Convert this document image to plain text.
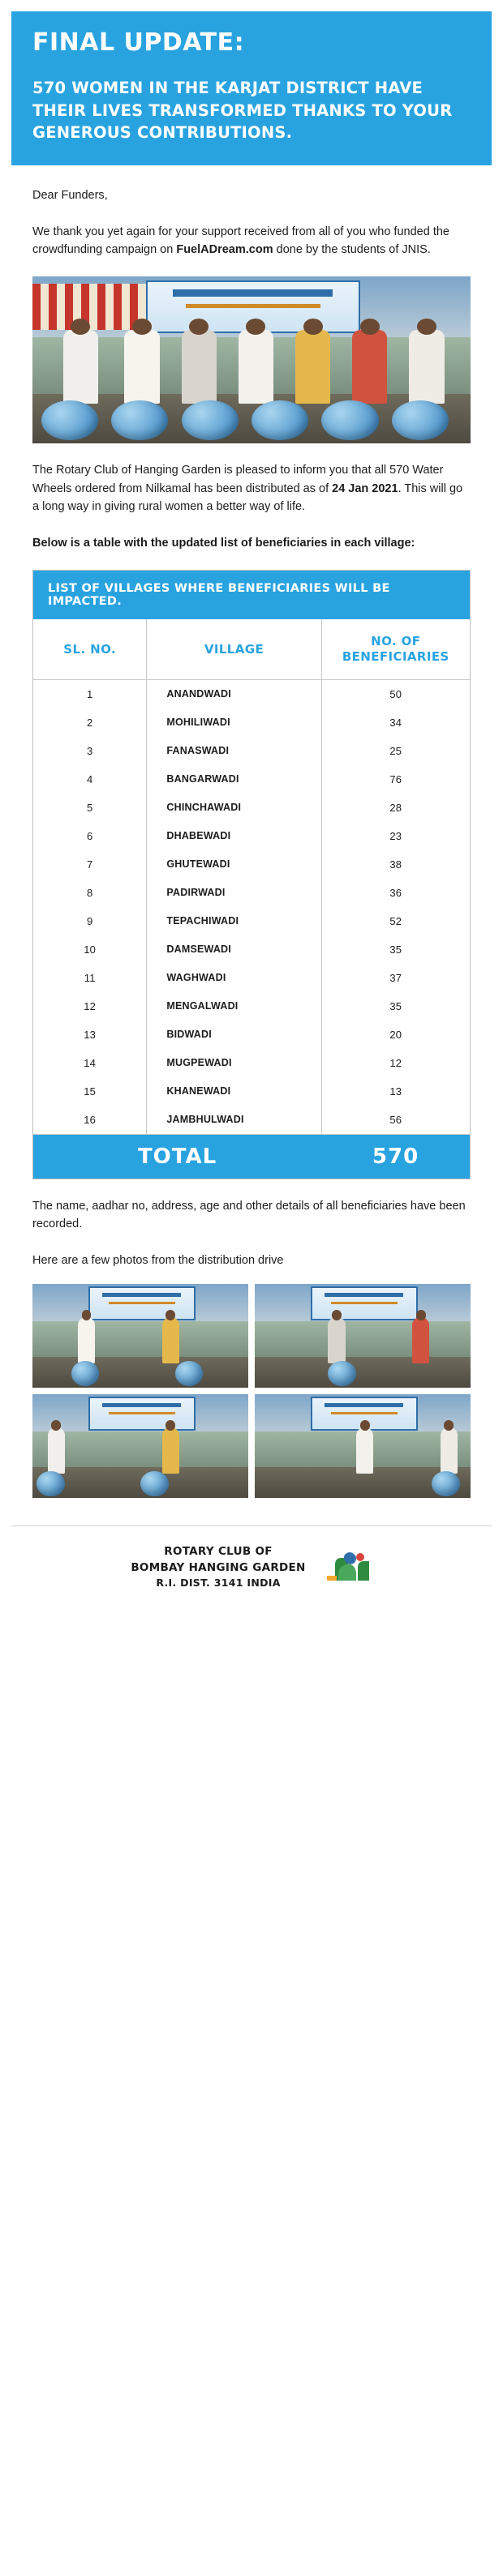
FINAL UPDATE:
570 WOMEN IN THE KARJAT DISTRICT HAVE THEIR LIVES TRANSFORMED THANKS TO YOUR GENEROUS CONTRIBUTIONS.

Dear Funders,

We thank you yet again for your support received from all of you who funded the crowdfunding campaign on FuelADream.com done by the students of JNIS.

The Rotary Club of Hanging Garden is pleased to inform you that all 570 Water Wheels ordered from Nilkamal has been distributed as of 24 Jan 2021. This will go a long way in giving rural women a better way of life.

Below is a table with the updated list of beneficiaries in each village:

LIST OF VILLAGES WHERE BENEFICIARIES WILL BE IMPACTED.
SL. NO.	VILLAGE	NO. OF BENEFICIARIES
1	ANANDWADI	50
2	MOHILIWADI	34
3	FANASWADI	25
4	BANGARWADI	76
5	CHINCHAWADI	28
6	DHABEWADI	23
7	GHUTEWADI	38
8	PADIRWADI	36
9	TEPACHIWADI	52
10	DAMSEWADI	35
11	WAGHWADI	37
12	MENGALWADI	35
13	BIDWADI	20
14	MUGPEWADI	12
15	KHANEWADI	13
16	JAMBHULWADI	56
TOTAL	570

The name, aadhar no, address, age and other details of all beneficiaries have been recorded.

Here are a few photos from the distribution drive

ROTARY CLUB OF
BOMBAY HANGING GARDEN
R.I. DIST. 3141 INDIA
